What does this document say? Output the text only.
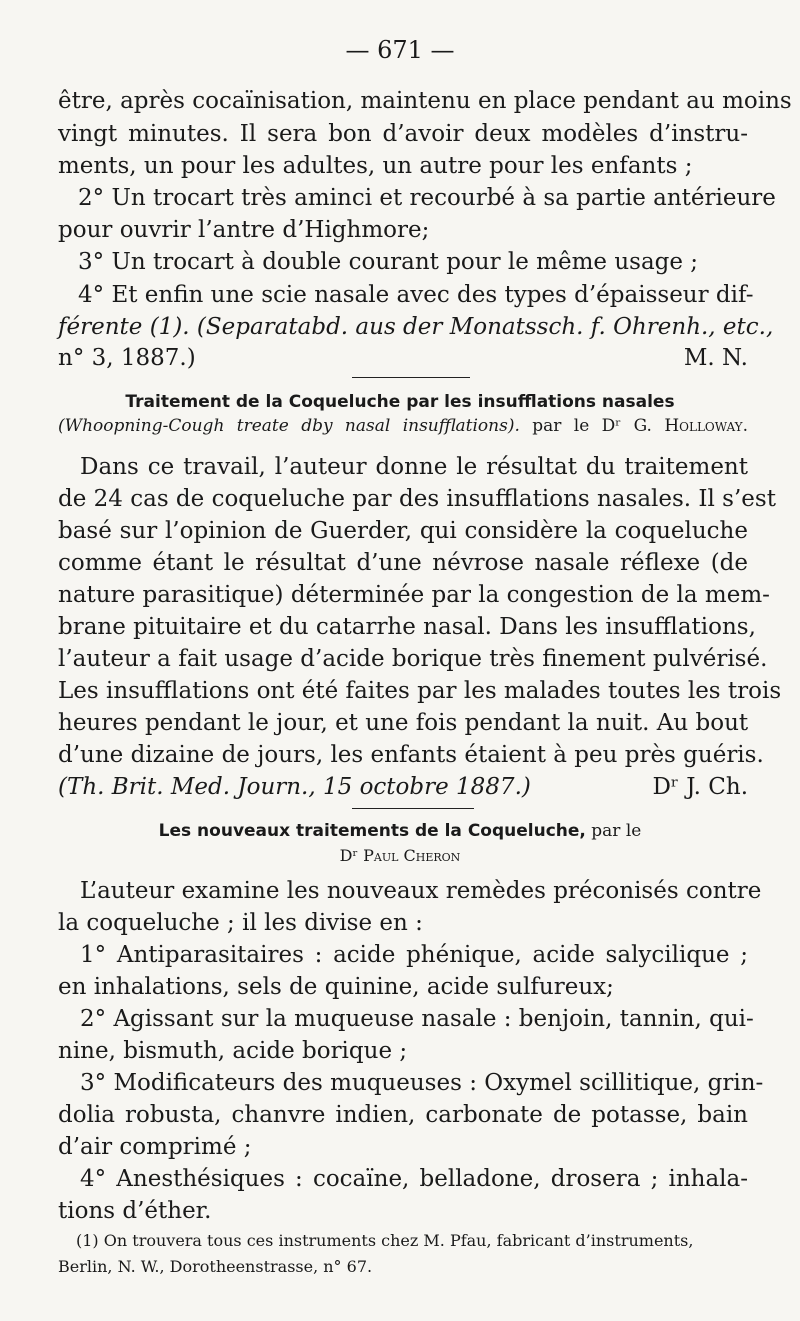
— 671 —
être, après cocaïnisation, maintenu en place pendant au moins
vingt minutes. Il sera bon d’avoir deux modèles d’instru-
ments, un pour les adultes, un autre pour les enfants ;
2° Un trocart très aminci et recourbé à sa partie antérieure
pour ouvrir l’antre d’Highmore;
3° Un trocart à double courant pour le même usage ;
4° Et enfin une scie nasale avec des types d’épaisseur dif-
férente (1). (Separatabd. aus der Monatssch. f. Ohrenh., etc.,
n° 3, 1887.)	M. N.
Traitement de la Coqueluche par les insufflations nasales
(Whoopning-Cough treate dby nasal insufflations). par le Dʳ G. Holloway.
Dans ce travail, l’auteur donne le résultat du traitement
de 24 cas de coqueluche par des insufflations nasales. Il s’est
basé sur l’opinion de Guerder, qui considère la coqueluche
comme étant le résultat d’une névrose nasale réflexe (de
nature parasitique) déterminée par la congestion de la mem-
brane pituitaire et du catarrhe nasal. Dans les insufflations,
l’auteur a fait usage d’acide borique très finement pulvérisé.
Les insufflations ont été faites par les malades toutes les trois
heures pendant le jour, et une fois pendant la nuit. Au bout
d’une dizaine de jours, les enfants étaient à peu près guéris.
(Th. Brit. Med. Journ., 15 octobre 1887.)	Dʳ J. Ch.
Les nouveaux traitements de la Coqueluche, par le
Dʳ Paul Cheron
L’auteur examine les nouveaux remèdes préconisés contre
la coqueluche ; il les divise en :
1° Antiparasitaires : acide phénique, acide salycilique ;
en inhalations, sels de quinine, acide sulfureux;
2° Agissant sur la muqueuse nasale : benjoin, tannin, qui-
nine, bismuth, acide borique ;
3° Modificateurs des muqueuses : Oxymel scillitique, grin-
dolia robusta, chanvre indien, carbonate de potasse, bain
d’air comprimé ;
4° Anesthésiques : cocaïne, belladone, drosera ; inhala-
tions d’éther.
(1) On trouvera tous ces instruments chez M. Pfau, fabricant d’instruments,
Berlin, N. W., Dorotheenstrasse, n° 67.
